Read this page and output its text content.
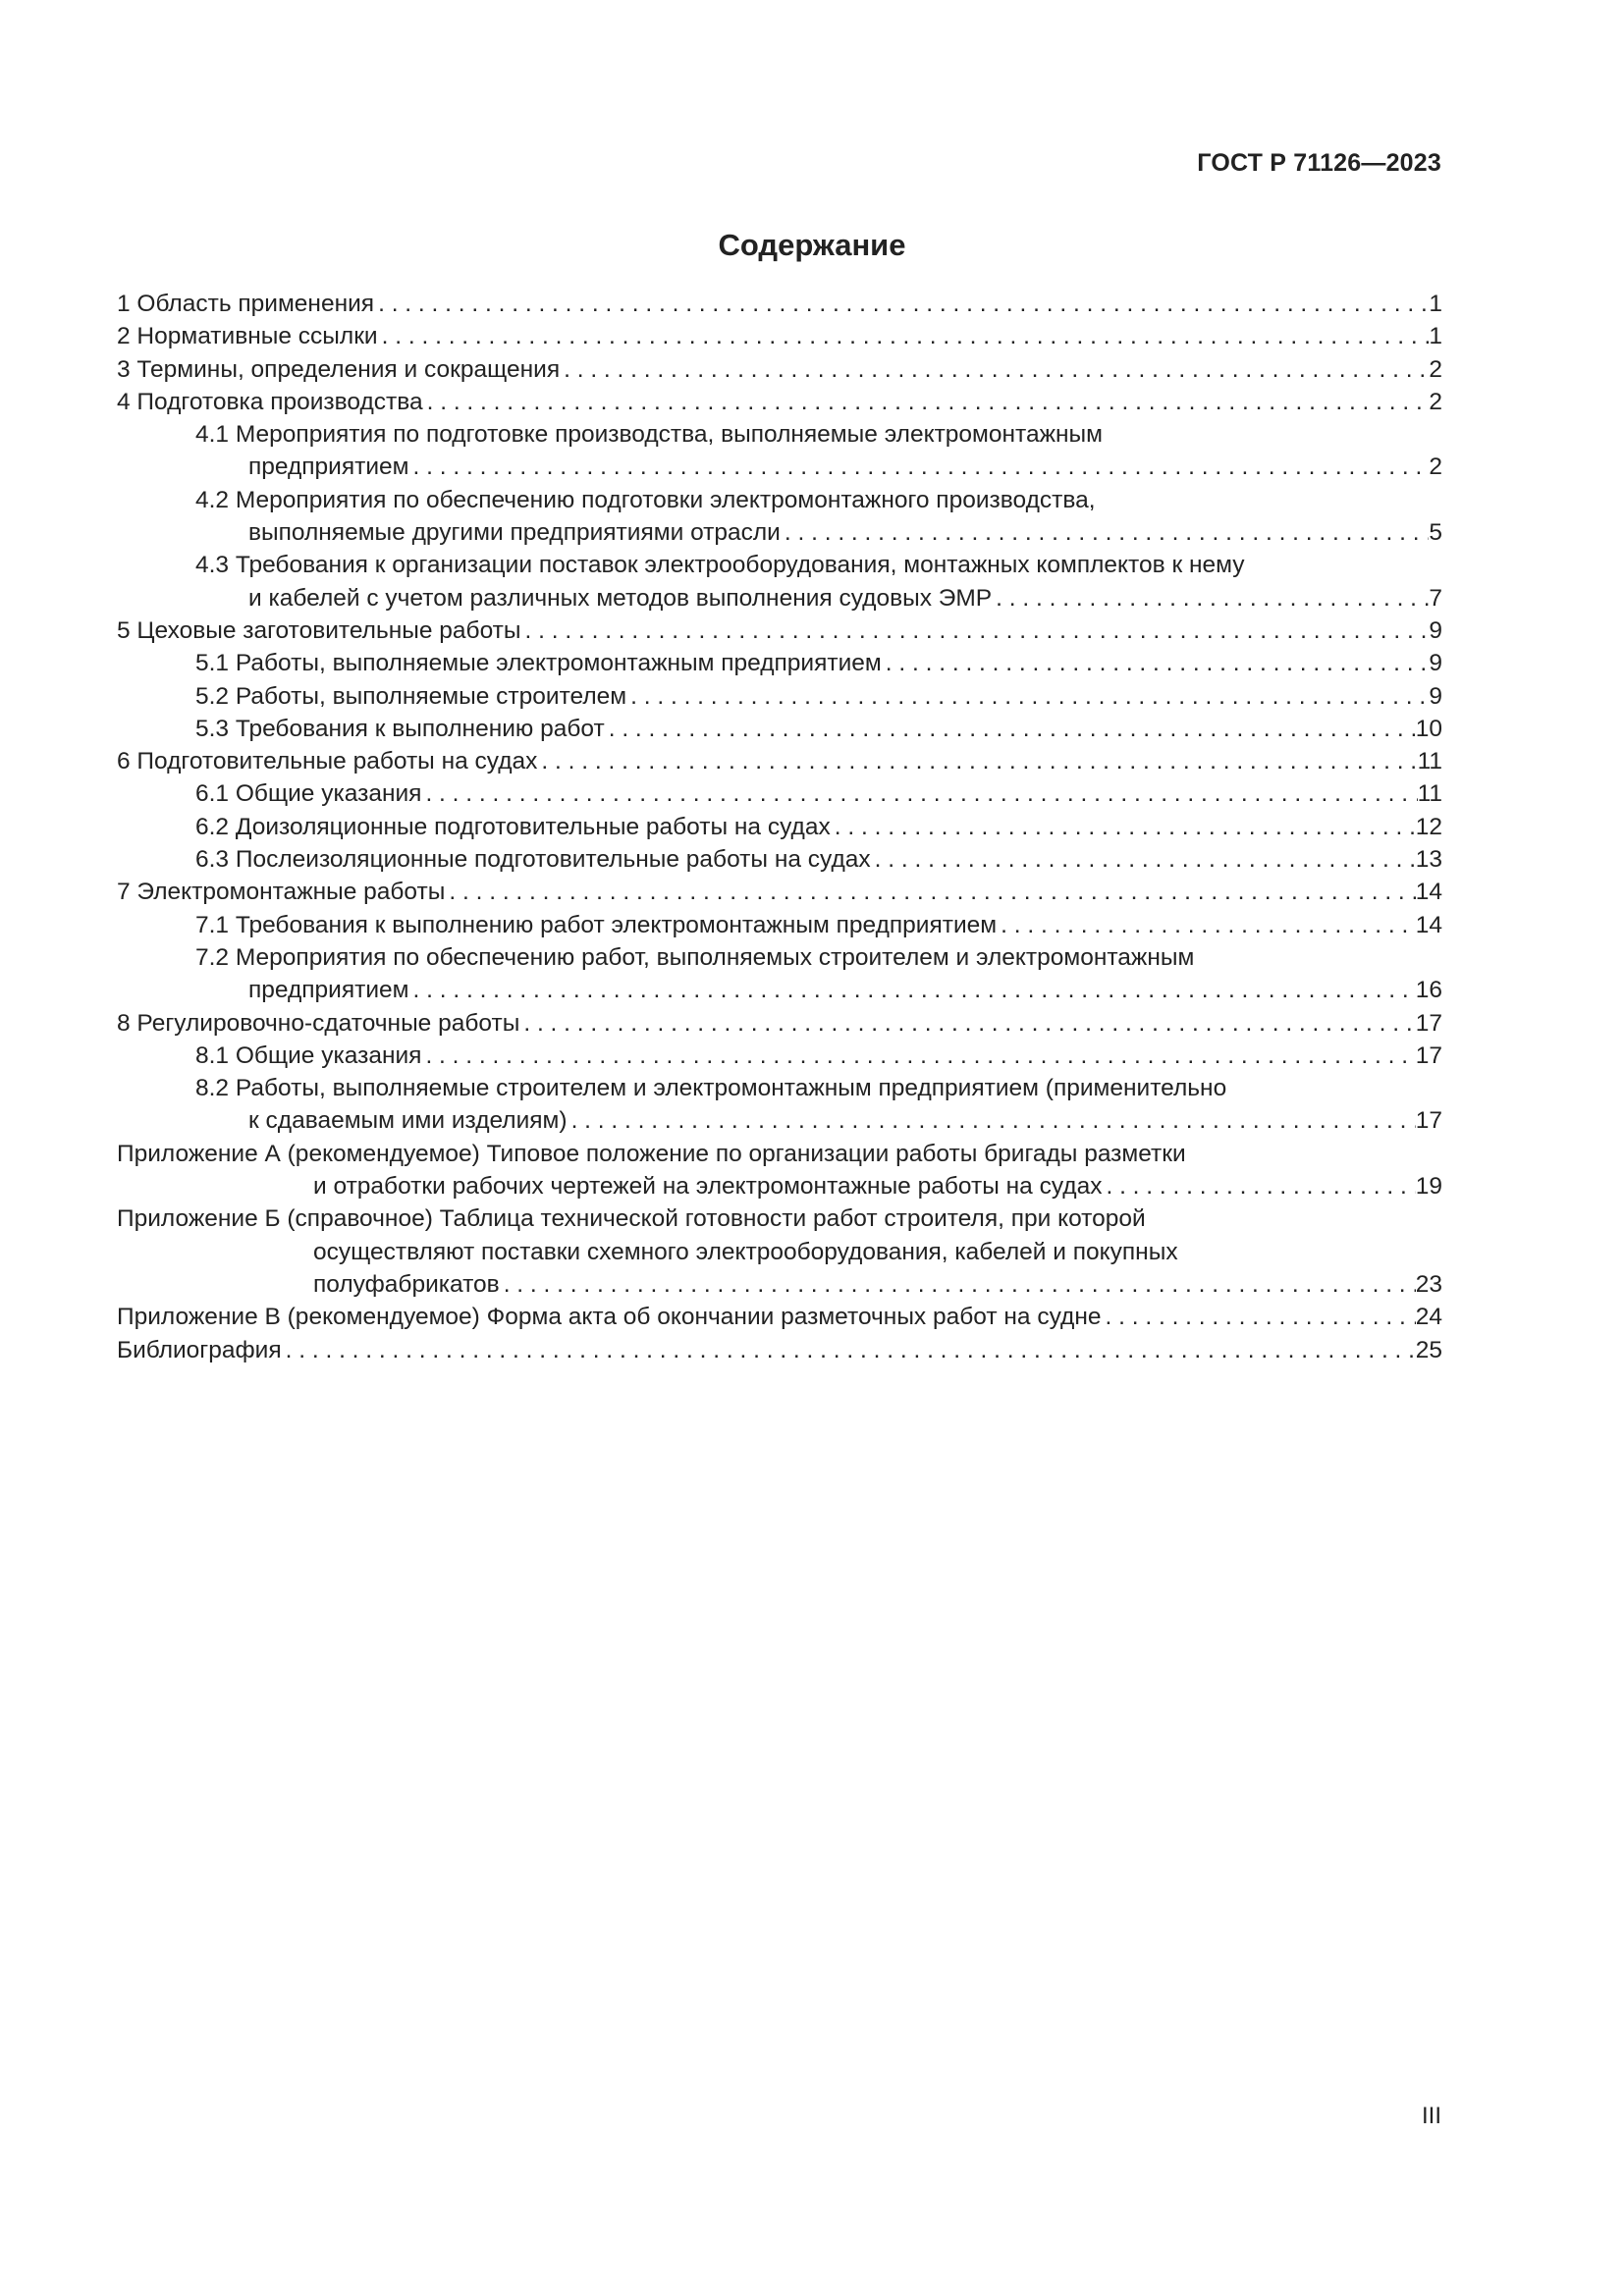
ГОСТ Р 71126—2023
Содержание
1 Область применения . . .	1
2 Нормативные ссылки . . .	1
3 Термины, определения и сокращения . . .	2
4 Подготовка производства . . .	2
4.1 Мероприятия по подготовке производства, выполняемые электромонтажным
предприятием . . .	2
4.2 Мероприятия по обеспечению подготовки электромонтажного производства,
выполняемые другими предприятиями отрасли . . .	5
4.3 Требования к организации поставок электрооборудования, монтажных комплектов к нему
и кабелей с учетом различных методов выполнения судовых ЭМР . . .	7
5 Цеховые заготовительные работы . . .	9
5.1 Работы, выполняемые электромонтажным предприятием . . .	9
5.2 Работы, выполняемые строителем . . .	9
5.3 Требования к выполнению работ . . .	10
6 Подготовительные работы на судах . . .	11
6.1 Общие указания . . .	11
6.2 Доизоляционные подготовительные работы на судах . . .	12
6.3 Послеизоляционные подготовительные работы на судах . . .	13
7 Электромонтажные работы . . .	14
7.1 Требования к выполнению работ электромонтажным предприятием . . .	14
7.2 Мероприятия по обеспечению работ, выполняемых строителем и электромонтажным
предприятием . . .	16
8 Регулировочно-сдаточные работы . . .	17
8.1 Общие указания . . .	17
8.2 Работы, выполняемые строителем и электромонтажным предприятием (применительно
к сдаваемым ими изделиям) . . .	17
Приложение А (рекомендуемое) Типовое положение по организации работы бригады разметки
и отработки рабочих чертежей на электромонтажные работы на судах . . .	19
Приложение Б (справочное) Таблица технической готовности работ строителя, при которой
осуществляют поставки схемного электрооборудования, кабелей и покупных
полуфабрикатов . . .	23
Приложение В (рекомендуемое) Форма акта об окончании разметочных работ на судне . . .	24
Библиография . . .	25
III
